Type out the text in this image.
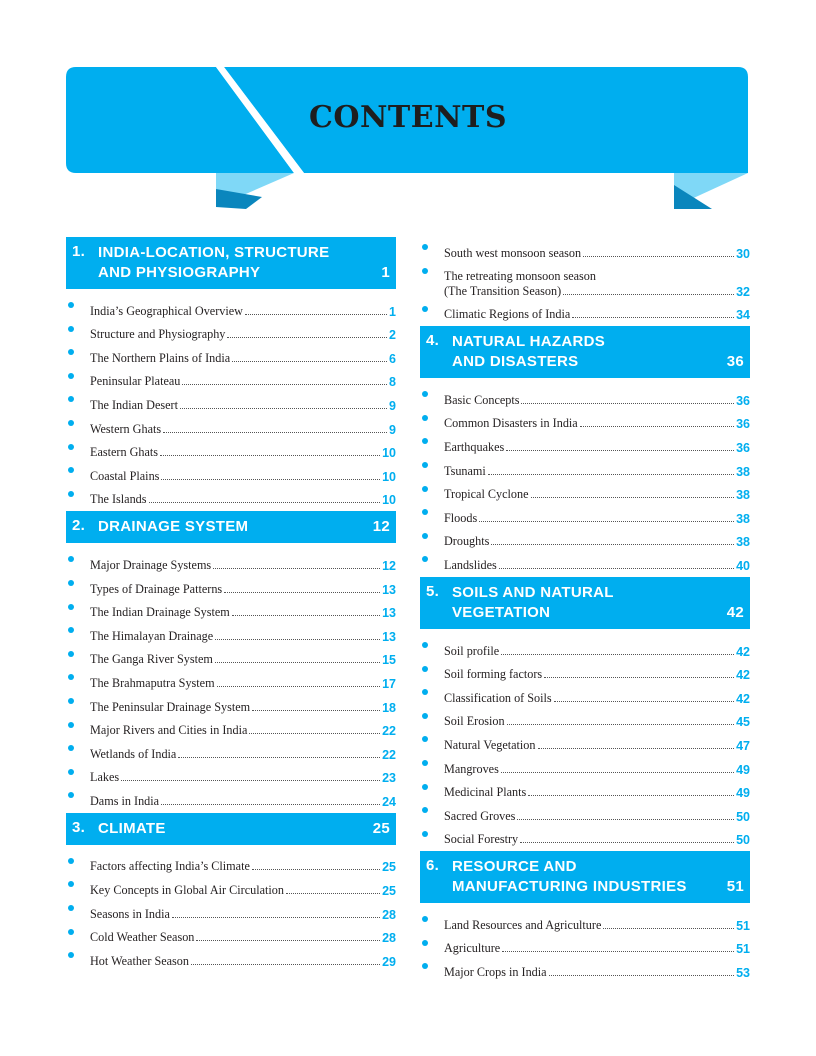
CONTENTS
1. INDIA-LOCATION, STRUCTURE
AND PHYSIOGRAPHY	1
India’s Geographical Overview	1
Structure and Physiography	2
The Northern Plains of India	6
Peninsular Plateau	8
The Indian Desert	9
Western Ghats	9
Eastern Ghats	10
Coastal Plains	10
The Islands	10
2. DRAINAGE SYSTEM	12
Major Drainage Systems	12
Types of Drainage Patterns	13
The Indian Drainage System	13
The Himalayan Drainage	13
The Ganga River System	15
The Brahmaputra System	17
The Peninsular Drainage System	18
Major Rivers and Cities in India	22
Wetlands of India	22
Lakes	23
Dams in India	24
3. CLIMATE	25
Factors affecting India’s Climate	25
Key Concepts in Global Air Circulation	25
Seasons in India	28
Cold Weather Season	28
Hot Weather Season	29
South west monsoon season	30
The retreating monsoon season
(The Transition Season)	32
Climatic Regions of India	34
4. NATURAL HAZARDS
AND DISASTERS	36
Basic Concepts	36
Common Disasters in India	36
Earthquakes	36
Tsunami	38
Tropical Cyclone	38
Floods	38
Droughts	38
Landslides	40
5. SOILS AND NATURAL
VEGETATION	42
Soil profile	42
Soil forming factors	42
Classification of Soils	42
Soil Erosion	45
Natural Vegetation	47
Mangroves	49
Medicinal Plants	49
Sacred Groves	50
Social Forestry	50
6. RESOURCE AND
MANUFACTURING INDUSTRIES	51
Land Resources and Agriculture	51
Agriculture	51
Major Crops in India	53
